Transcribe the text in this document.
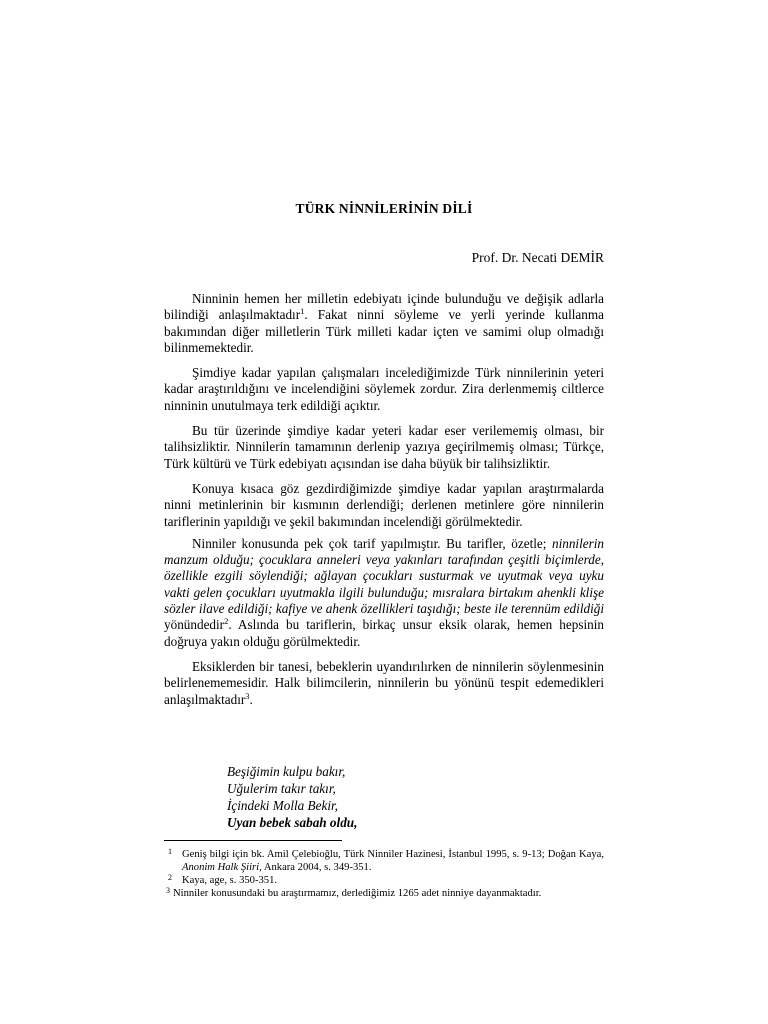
TÜRK NİNNİLERİNİN DİLİ
Prof. Dr. Necati DEMİR

Ninninin hemen her milletin edebiyatı içinde bulunduğu ve değişik adlarla bilindiği anlaşılmaktadır$^1$. Fakat ninni söyleme ve yerli yerinde kullanma bakımından diğer milletlerin Türk milleti kadar içten ve samimi olup olmadığı bilinmemektedir.

Şimdiye kadar yapılan çalışmaları incelediğimizde Türk ninnilerinin yeteri kadar araştırıldığını ve incelendiğini söylemek zordur. Zira derlenmemiş ciltlerce ninninin unutulmaya terk edildiği açıktır.

Bu tür üzerinde şimdiye kadar yeteri kadar eser verilememiş olması, bir talihsizliktir. Ninnilerin tamamının derlenip yazıya geçirilmemiş olması; Türkçe, Türk kültürü ve Türk edebiyatı açısından ise daha büyük bir talihsizliktir.

Konuya kısaca göz gezdirdiğimizde şimdiye kadar yapılan araştırmalarda ninni metinlerinin bir kısmının derlendiği; derlenen metinlere göre ninnilerin tariflerinin yapıldığı ve şekil bakımından incelendiği görülmektedir.

Ninniler konusunda pek çok tarif yapılmıştır. Bu tarifler, özetle; ninnilerin manzum olduğu; çocuklara anneleri veya yakınları tarafından çeşitli biçimlerde, özellikle ezgili söylendiği; ağlayan çocukları susturmak ve uyutmak veya uyku vakti gelen çocukları uyutmakla ilgili bulunduğu; mısralara birtakım ahenkli klişe sözler ilave edildiği; kafiye ve ahenk özellikleri taşıdığı; beste ile terennüm edildiği yönündedir$^2$. Aslında bu tariflerin, birkaç unsur eksik olarak, hemen hepsinin doğruya yakın olduğu görülmektedir.

Eksiklerden bir tanesi, bebeklerin uyandırılırken de ninnilerin söylenmesinin belirlenememesidir. Halk bilimcilerin, ninnilerin bu yönünü tespit edemedikleri anlaşılmaktadır$^3$.

Beşiğimin kulpu bakır,
Uğulerim takır takır,
İçindeki Molla Bekir,
Uyan bebek sabah oldu,
1 Geniş bilgi için bk. Amil Çelebioğlu, Türk Ninniler Hazinesi, İstanbul 1995, s. 9-13; Doğan Kaya, Anonim Halk Şiiri, Ankara 2004, s. 349-351.
2 Kaya, age, s. 350-351.
3 Ninniler konusundaki bu araştırmamız, derlediğimiz 1265 adet ninniye dayanmaktadır.
